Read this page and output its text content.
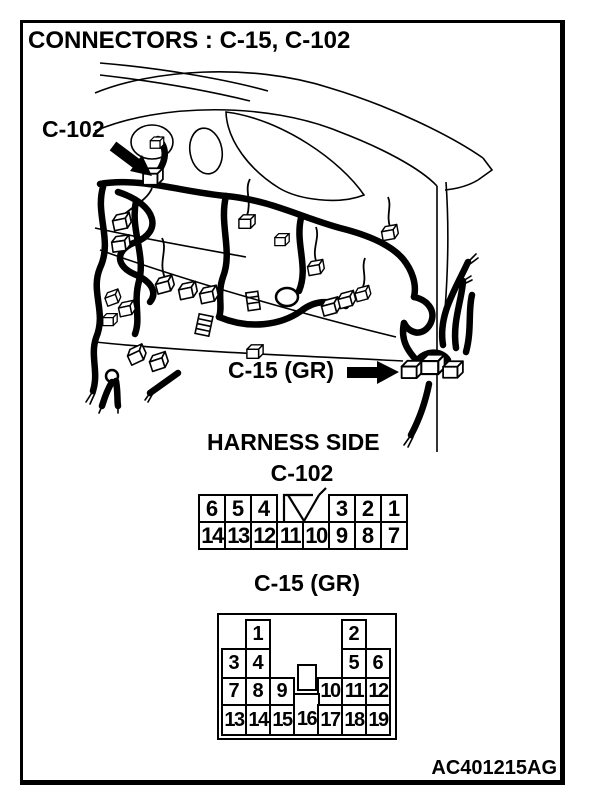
CONNECTORS : C-15, C-102
C-102
C-15 (GR)
HARNESS SIDE
C-102
6 5 4	3 2 1
14 13 12 11 10 9 8 7
C-15 (GR)
1	2
3 4	5 6
7 8 9	10 11 12
13 14 15 16 17 18 19
AC401215AG
